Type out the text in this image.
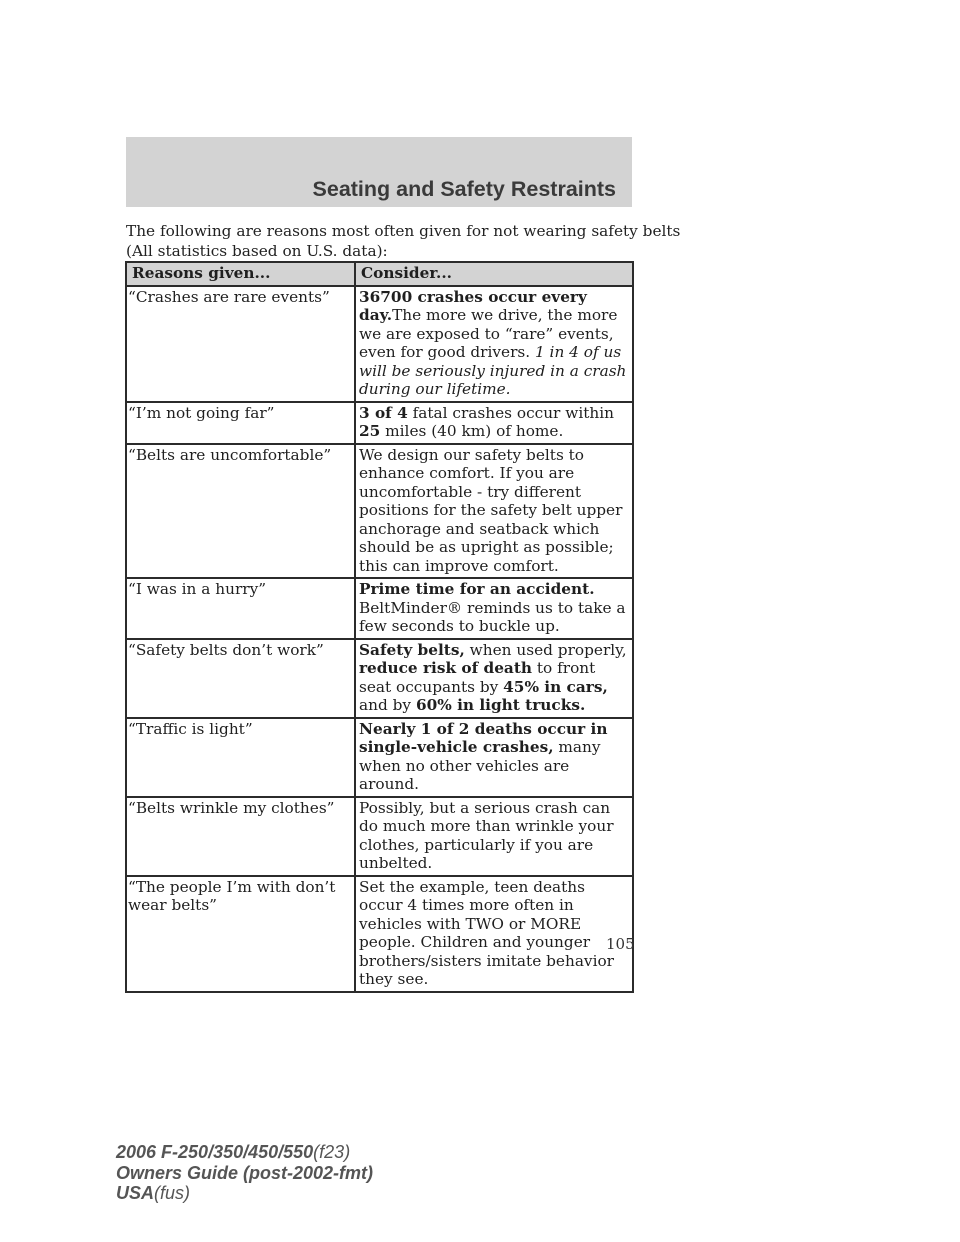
Seating and Safety Restraints
The following are reasons most often given for not wearing safety belts
(All statistics based on U.S. data):
Reasons given...	Consider...
“Crashes are rare events”	36700 crashes occur every day.The more we drive, the more we are exposed to “rare” events, even for good drivers. 1 in 4 of us will be seriously injured in a crash during our lifetime.
“I’m not going far”	3 of 4 fatal crashes occur within 25 miles (40 km) of home.
“Belts are uncomfortable”	We design our safety belts to enhance comfort. If you are uncomfortable - try different positions for the safety belt upper anchorage and seatback which should be as upright as possible; this can improve comfort.
“I was in a hurry”	Prime time for an accident. BeltMinder® reminds us to take a few seconds to buckle up.
“Safety belts don’t work”	Safety belts, when used properly, reduce risk of death to front seat occupants by 45% in cars, and by 60% in light trucks.
“Traffic is light”	Nearly 1 of 2 deaths occur in single-vehicle crashes, many when no other vehicles are around.
“Belts wrinkle my clothes”	Possibly, but a serious crash can do much more than wrinkle your clothes, particularly if you are unbelted.
“The people I’m with don’t wear belts”	Set the example, teen deaths occur 4 times more often in vehicles with TWO or MORE people. Children and younger brothers/sisters imitate behavior they see.
105
2006 F-250/350/450/550(f23)
Owners Guide (post-2002-fmt)
USA(fus)
